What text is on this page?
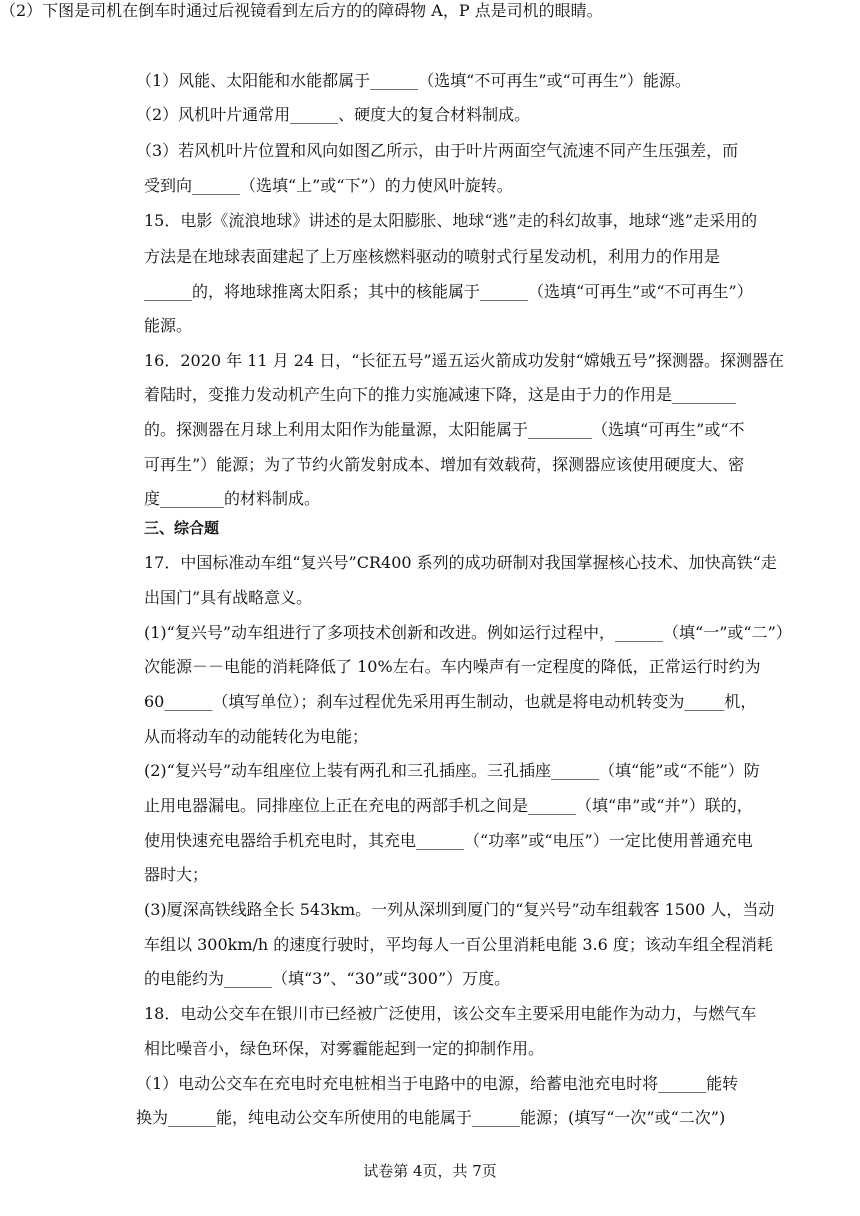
（1）风能、太阳能和水能都属于______（选填“不可再生”或“可再生”）能源。
（2）风机叶片通常用______、硬度大的复合材料制成。
（3）若风机叶片位置和风向如图乙所示，由于叶片两面空气流速不同产生压强差，而
受到向______（选填“上”或“下”）的力使风叶旋转。
15．电影《流浪地球》讲述的是太阳膨胀、地球“逃”走的科幻故事，地球“逃”走采用的
方法是在地球表面建起了上万座核燃料驱动的喷射式行星发动机，利用力的作用是
______的，将地球推离太阳系；其中的核能属于______（选填“可再生”或“不可再生”）
能源。
16．2020 年 11 月 24 日，“长征五号”遥五运火箭成功发射“嫦娥五号”探测器。探测器在
着陆时，变推力发动机产生向下的推力实施减速下降，这是由于力的作用是________
的。探测器在月球上利用太阳作为能量源，太阳能属于________（选填“可再生”或“不
可再生”）能源；为了节约火箭发射成本、增加有效载荷，探测器应该使用硬度大、密
度________的材料制成。
三、综合题
17．中国标准动车组“复兴号”CR400 系列的成功研制对我国掌握核心技术、加快高铁“走
出国门”具有战略意义。
(1)“复兴号”动车组进行了多项技术创新和改进。例如运行过程中，______（填“一”或“二”）
次能源－－电能的消耗降低了 10%左右。车内噪声有一定程度的降低，正常运行时约为
60______（填写单位）；刹车过程优先采用再生制动，也就是将电动机转变为_____机，
从而将动车的动能转化为电能；
(2)“复兴号”动车组座位上装有两孔和三孔插座。三孔插座______（填“能”或“不能”）防
止用电器漏电。同排座位上正在充电的两部手机之间是______（填“串”或“并”）联的，
使用快速充电器给手机充电时，其充电______（“功率”或“电压”）一定比使用普通充电
器时大；
(3)厦深高铁线路全长 543km。一列从深圳到厦门的“复兴号”动车组载客 1500 人，当动
车组以 300km/h 的速度行驶时，平均每人一百公里消耗电能 3.6 度；该动车组全程消耗
的电能约为______（填“3”、“30”或“300”）万度。
18．电动公交车在银川市已经被广泛使用，该公交车主要采用电能作为动力，与燃气车
相比噪音小，绿色环保，对雾霾能起到一定的抑制作用。
（1）电动公交车在充电时充电桩相当于电路中的电源，给蓄电池充电时将______能转
换为______能，纯电动公交车所使用的电能属于______能源；(填写“一次”或“二次”)
（2）下图是司机在倒车时通过后视镜看到左后方的的障碍物 A，P 点是司机的眼睛。
试卷第 4页，共 7页
